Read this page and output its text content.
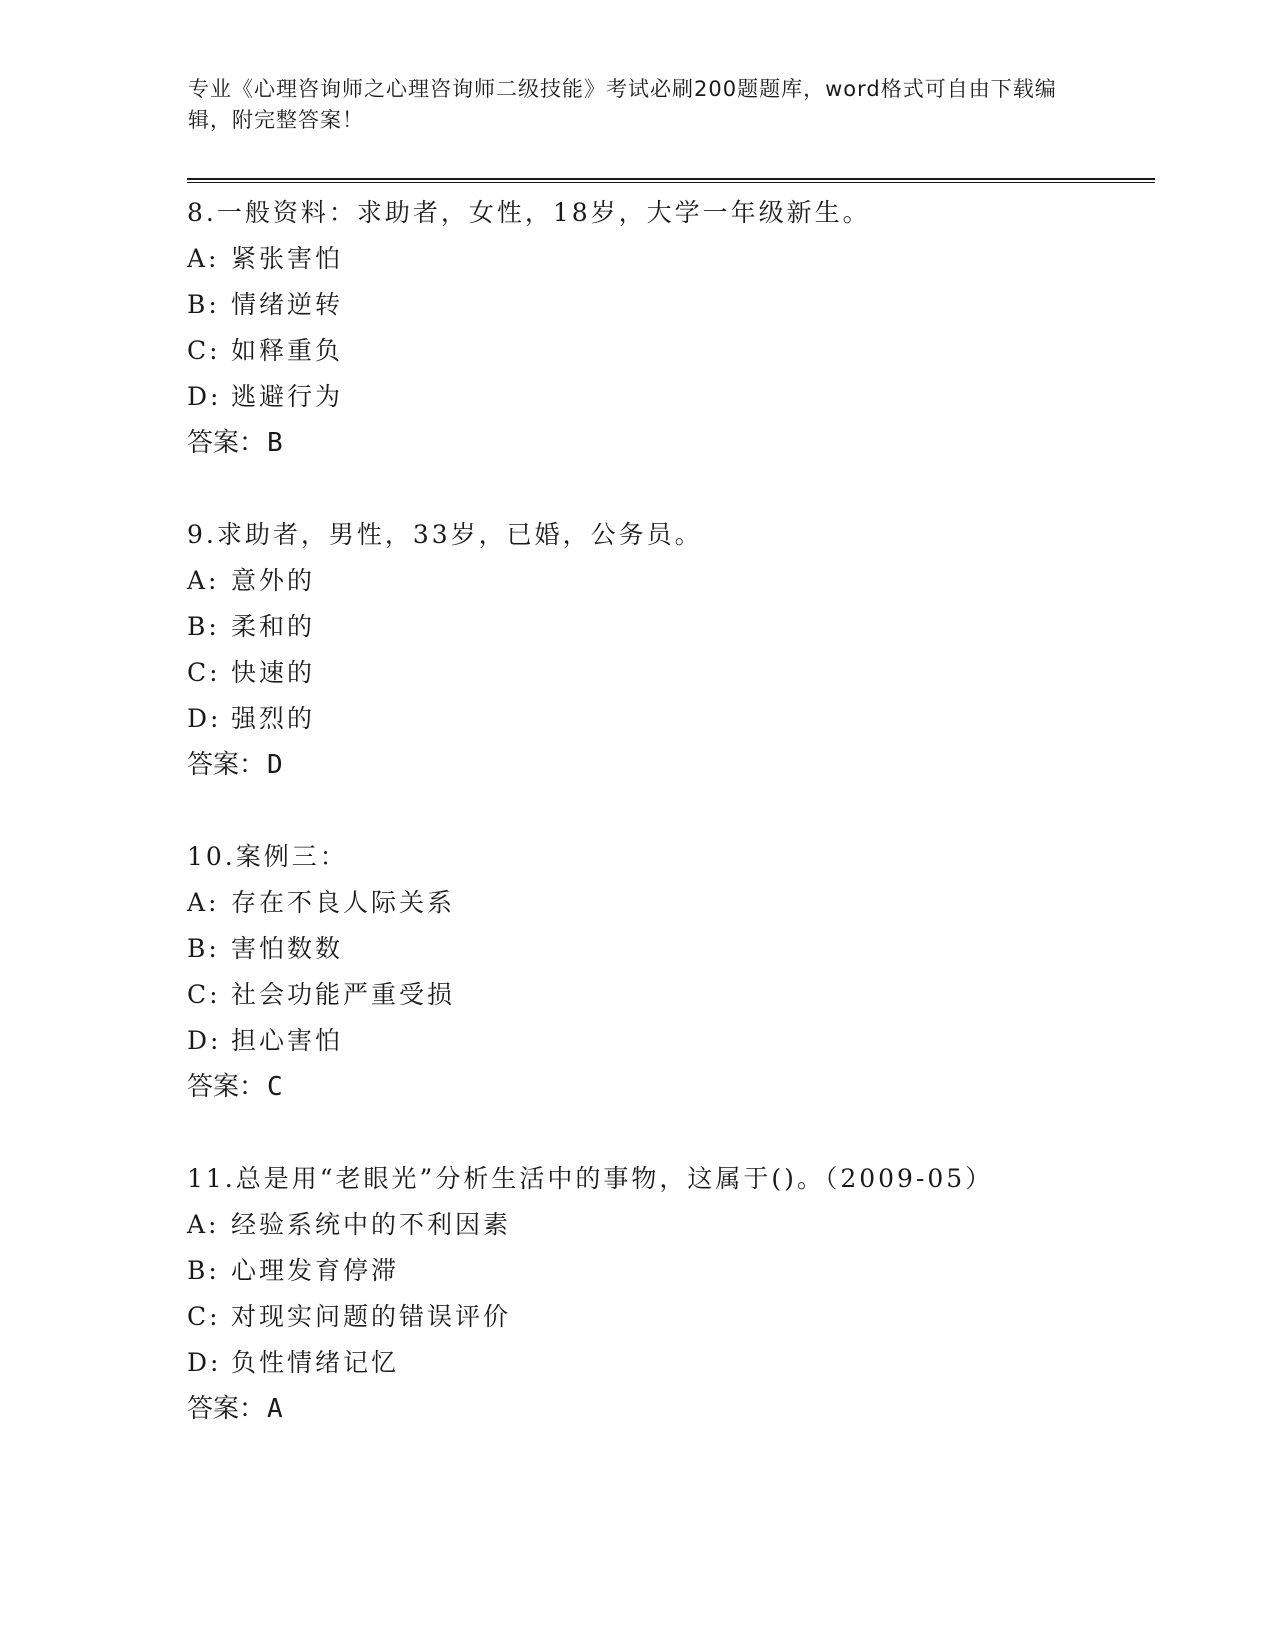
专业《心理咨询师之心理咨询师二级技能》考试必刷200题题库，word格式可自由下载编辑，附完整答案！
8.一般资料：求助者，女性，18岁，大学一年级新生。
A: 紧张害怕
B: 情绪逆转
C: 如释重负
D: 逃避行为
答案：B
9.求助者，男性，33岁，已婚，公务员。
A: 意外的
B: 柔和的
C: 快速的
D: 强烈的
答案：D
10.案例三：
A: 存在不良人际关系
B: 害怕数数
C: 社会功能严重受损
D: 担心害怕
答案：C
11.总是用“老眼光”分析生活中的事物，这属于()。（2009-05）
A: 经验系统中的不利因素
B: 心理发育停滞
C: 对现实问题的错误评价
D: 负性情绪记忆
答案：A
